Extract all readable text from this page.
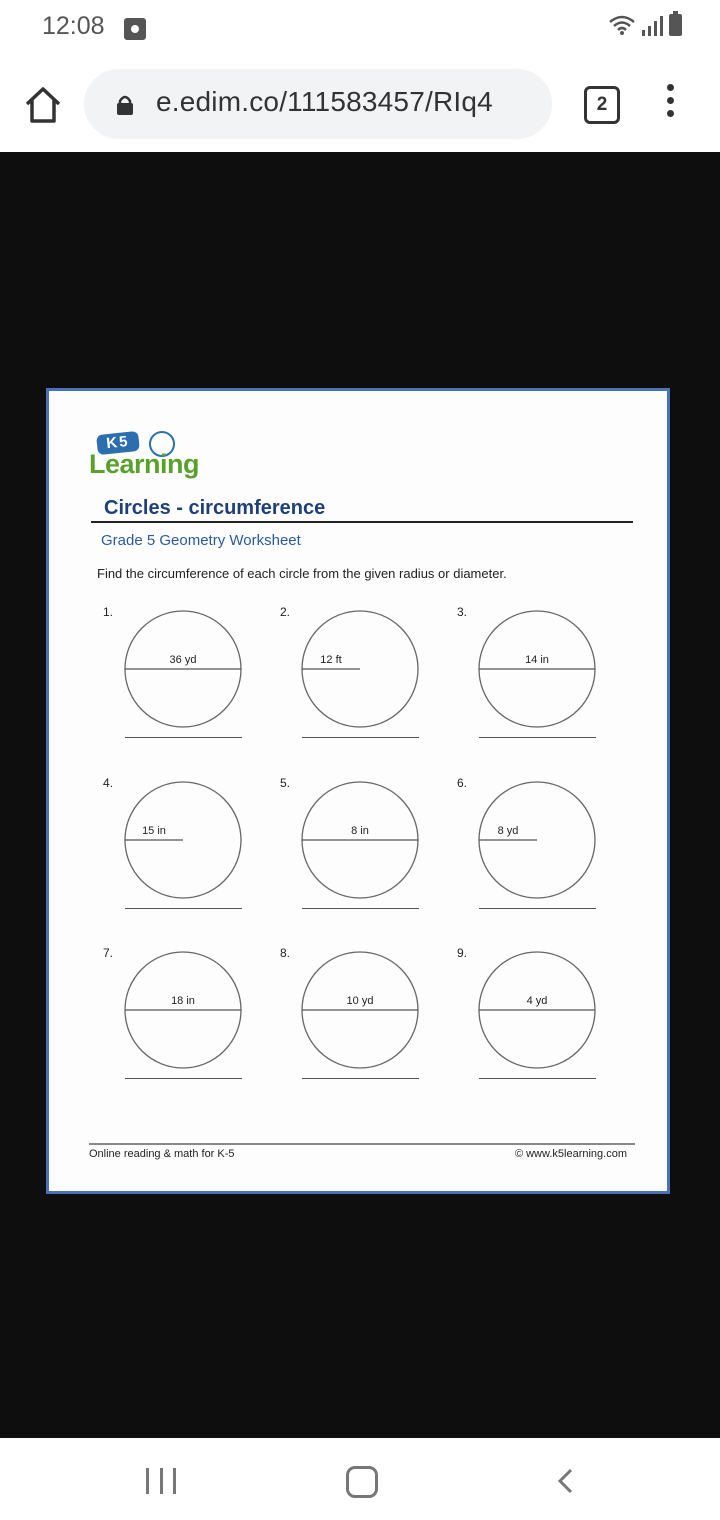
12:08
e.edim.co/111583457/RIq4	2
K5
Learning
Circles - circumference
Grade 5 Geometry Worksheet
Find the circumference of each circle from the given radius or diameter.
1.
36 yd
2.
12 ft
3.
14 in
4.
15 in
5.
8 in
6.
8 yd
7.
18 in
8.
10 yd
9.
4 yd
Online reading & math for K-5	© www.k5learning.com
